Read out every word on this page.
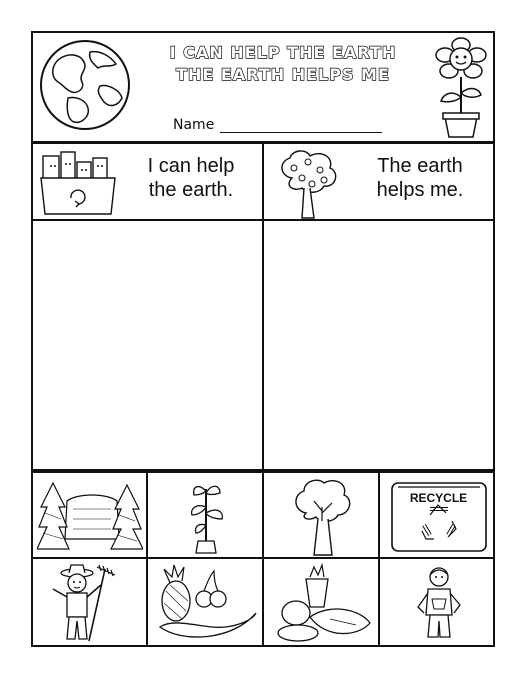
I CAN HELP THE EARTH
THE EARTH HELPS ME
Name
I can help
the earth.
The earth
helps me.
RECYCLE
